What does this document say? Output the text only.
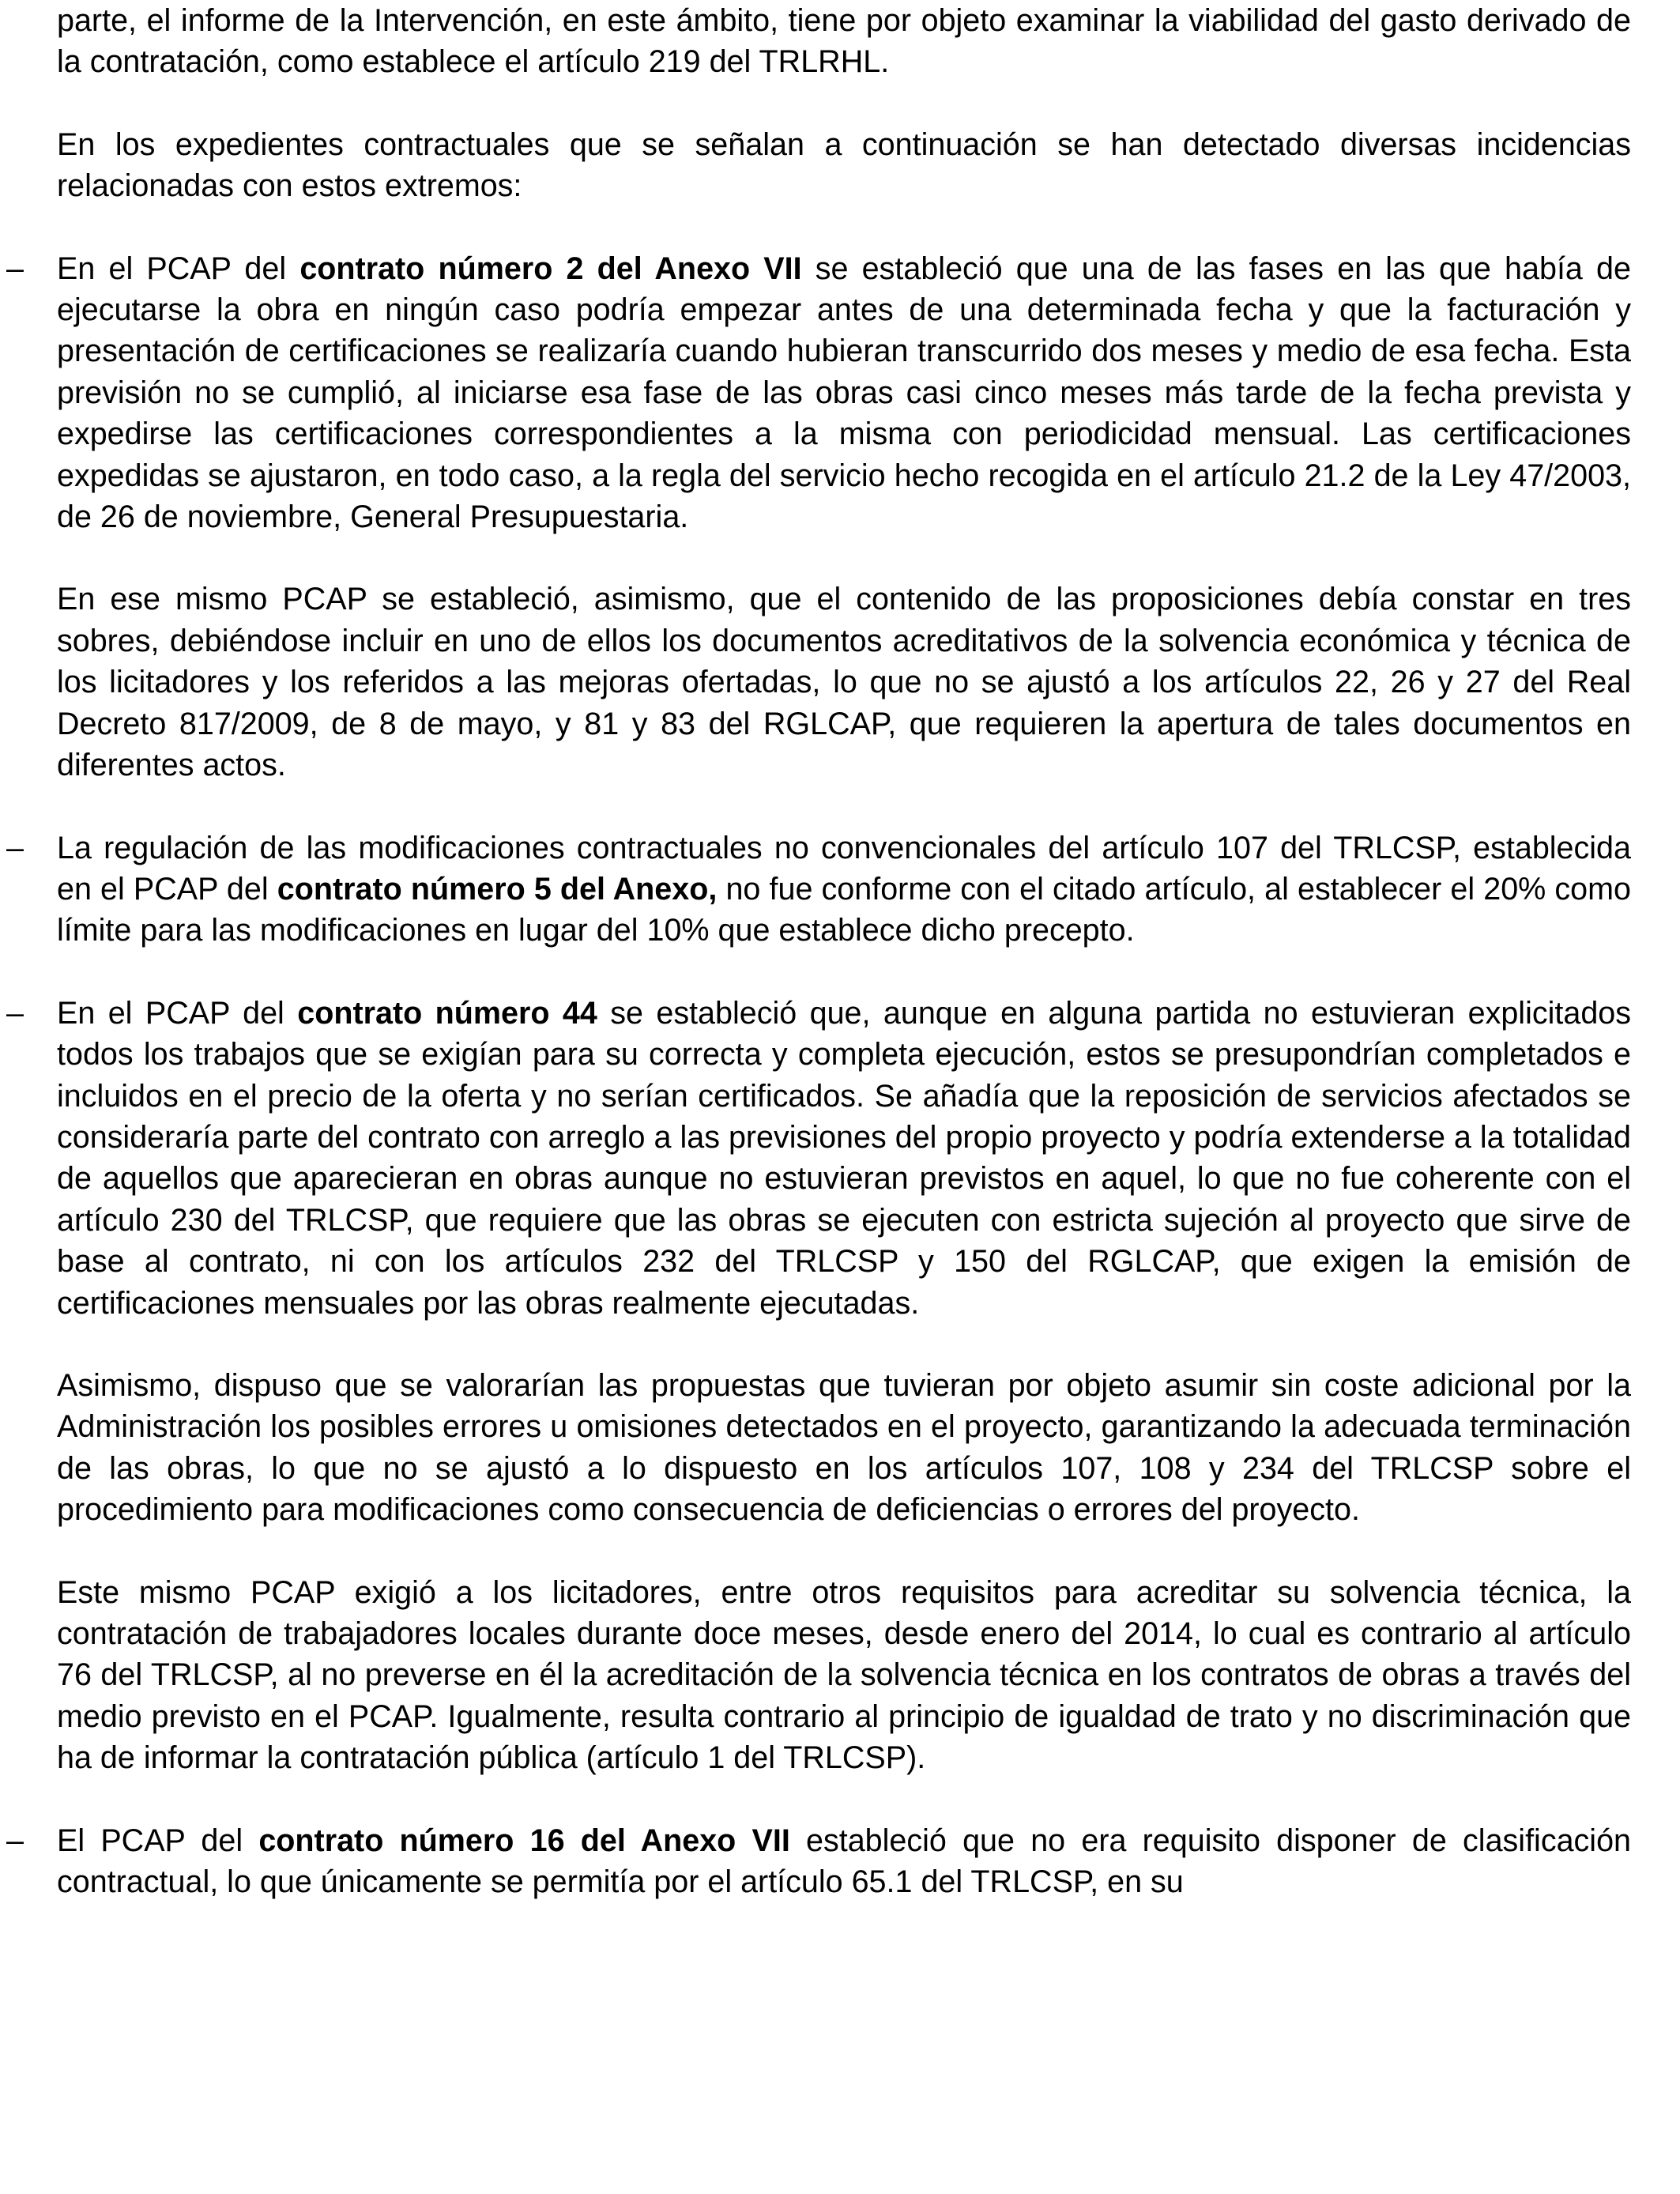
parte, el informe de la Intervención, en este ámbito, tiene por objeto examinar la viabilidad del gasto derivado de la contratación, como establece el artículo 219 del TRLRHL.

En los expedientes contractuales que se señalan a continuación se han detectado diversas incidencias relacionadas con estos extremos:

– En el PCAP del contrato número 2 del Anexo VII se estableció que una de las fases en las que había de ejecutarse la obra en ningún caso podría empezar antes de una determinada fecha y que la facturación y presentación de certificaciones se realizaría cuando hubieran transcurrido dos meses y medio de esa fecha. Esta previsión no se cumplió, al iniciarse esa fase de las obras casi cinco meses más tarde de la fecha prevista y expedirse las certificaciones correspondientes a la misma con periodicidad mensual. Las certificaciones expedidas se ajustaron, en todo caso, a la regla del servicio hecho recogida en el artículo 21.2 de la Ley 47/2003, de 26 de noviembre, General Presupuestaria.

En ese mismo PCAP se estableció, asimismo, que el contenido de las proposiciones debía constar en tres sobres, debiéndose incluir en uno de ellos los documentos acreditativos de la solvencia económica y técnica de los licitadores y los referidos a las mejoras ofertadas, lo que no se ajustó a los artículos 22, 26 y 27 del Real Decreto 817/2009, de 8 de mayo, y 81 y 83 del RGLCAP, que requieren la apertura de tales documentos en diferentes actos.

– La regulación de las modificaciones contractuales no convencionales del artículo 107 del TRLCSP, establecida en el PCAP del contrato número 5 del Anexo, no fue conforme con el citado artículo, al establecer el 20% como límite para las modificaciones en lugar del 10% que establece dicho precepto.

– En el PCAP del contrato número 44 se estableció que, aunque en alguna partida no estuvieran explicitados todos los trabajos que se exigían para su correcta y completa ejecución, estos se presupondrían completados e incluidos en el precio de la oferta y no serían certificados. Se añadía que la reposición de servicios afectados se consideraría parte del contrato con arreglo a las previsiones del propio proyecto y podría extenderse a la totalidad de aquellos que aparecieran en obras aunque no estuvieran previstos en aquel, lo que no fue coherente con el artículo 230 del TRLCSP, que requiere que las obras se ejecuten con estricta sujeción al proyecto que sirve de base al contrato, ni con los artículos 232 del TRLCSP y 150 del RGLCAP, que exigen la emisión de certificaciones mensuales por las obras realmente ejecutadas.

Asimismo, dispuso que se valorarían las propuestas que tuvieran por objeto asumir sin coste adicional por la Administración los posibles errores u omisiones detectados en el proyecto, garantizando la adecuada terminación de las obras, lo que no se ajustó a lo dispuesto en los artículos 107, 108 y 234 del TRLCSP sobre el procedimiento para modificaciones como consecuencia de deficiencias o errores del proyecto.

Este mismo PCAP exigió a los licitadores, entre otros requisitos para acreditar su solvencia técnica, la contratación de trabajadores locales durante doce meses, desde enero del 2014, lo cual es contrario al artículo 76 del TRLCSP, al no preverse en él la acreditación de la solvencia técnica en los contratos de obras a través del medio previsto en el PCAP. Igualmente, resulta contrario al principio de igualdad de trato y no discriminación que ha de informar la contratación pública (artículo 1 del TRLCSP).

– El PCAP del contrato número 16 del Anexo VII estableció que no era requisito disponer de clasificación contractual, lo que únicamente se permitía por el artículo 65.1 del TRLCSP, en su
